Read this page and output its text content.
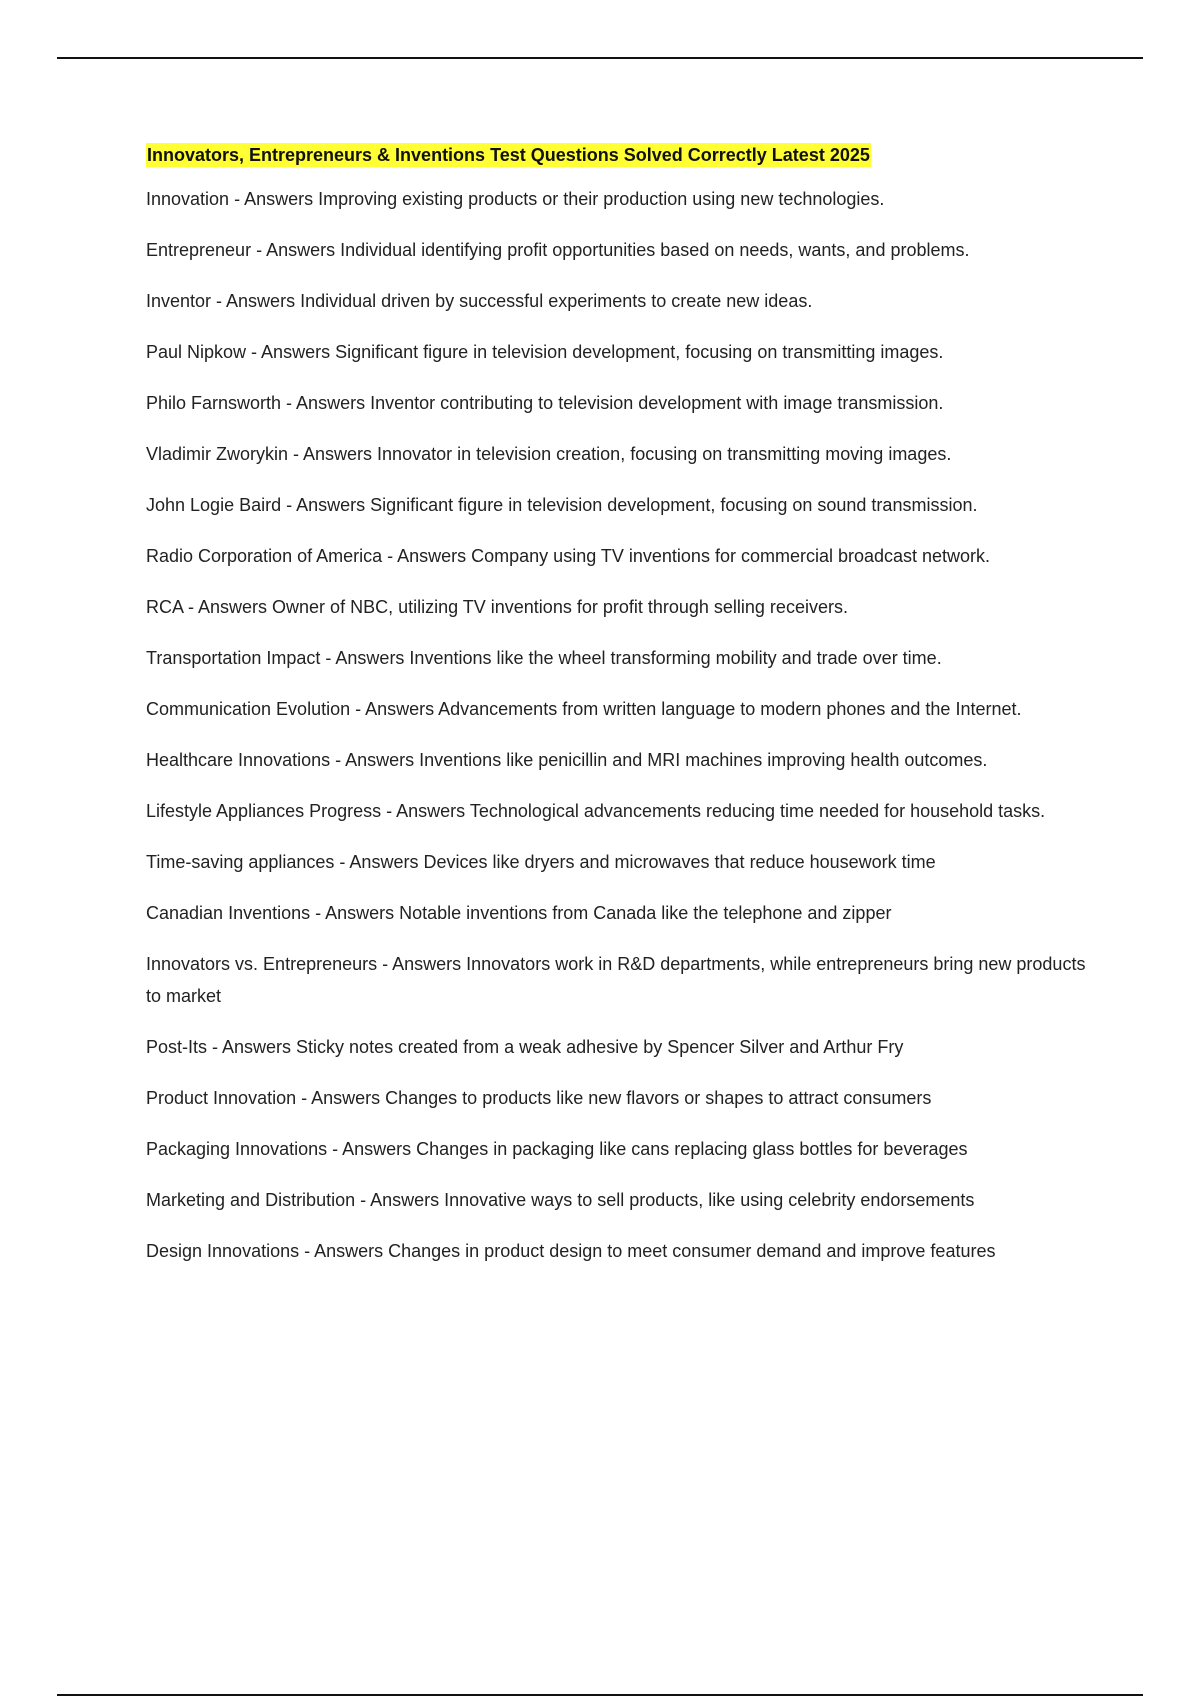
Innovators, Entrepreneurs & Inventions Test Questions Solved Correctly Latest 2025
Innovation - Answers Improving existing products or their production using new technologies.
Entrepreneur - Answers Individual identifying profit opportunities based on needs, wants, and problems.
Inventor - Answers Individual driven by successful experiments to create new ideas.
Paul Nipkow - Answers Significant figure in television development, focusing on transmitting images.
Philo Farnsworth - Answers Inventor contributing to television development with image transmission.
Vladimir Zworykin - Answers Innovator in television creation, focusing on transmitting moving images.
John Logie Baird - Answers Significant figure in television development, focusing on sound transmission.
Radio Corporation of America - Answers Company using TV inventions for commercial broadcast network.
RCA - Answers Owner of NBC, utilizing TV inventions for profit through selling receivers.
Transportation Impact - Answers Inventions like the wheel transforming mobility and trade over time.
Communication Evolution - Answers Advancements from written language to modern phones and the Internet.
Healthcare Innovations - Answers Inventions like penicillin and MRI machines improving health outcomes.
Lifestyle Appliances Progress - Answers Technological advancements reducing time needed for household tasks.
Time-saving appliances - Answers Devices like dryers and microwaves that reduce housework time
Canadian Inventions - Answers Notable inventions from Canada like the telephone and zipper
Innovators vs. Entrepreneurs - Answers Innovators work in R&D departments, while entrepreneurs bring new products to market
Post-Its - Answers Sticky notes created from a weak adhesive by Spencer Silver and Arthur Fry
Product Innovation - Answers Changes to products like new flavors or shapes to attract consumers
Packaging Innovations - Answers Changes in packaging like cans replacing glass bottles for beverages
Marketing and Distribution - Answers Innovative ways to sell products, like using celebrity endorsements
Design Innovations - Answers Changes in product design to meet consumer demand and improve features
